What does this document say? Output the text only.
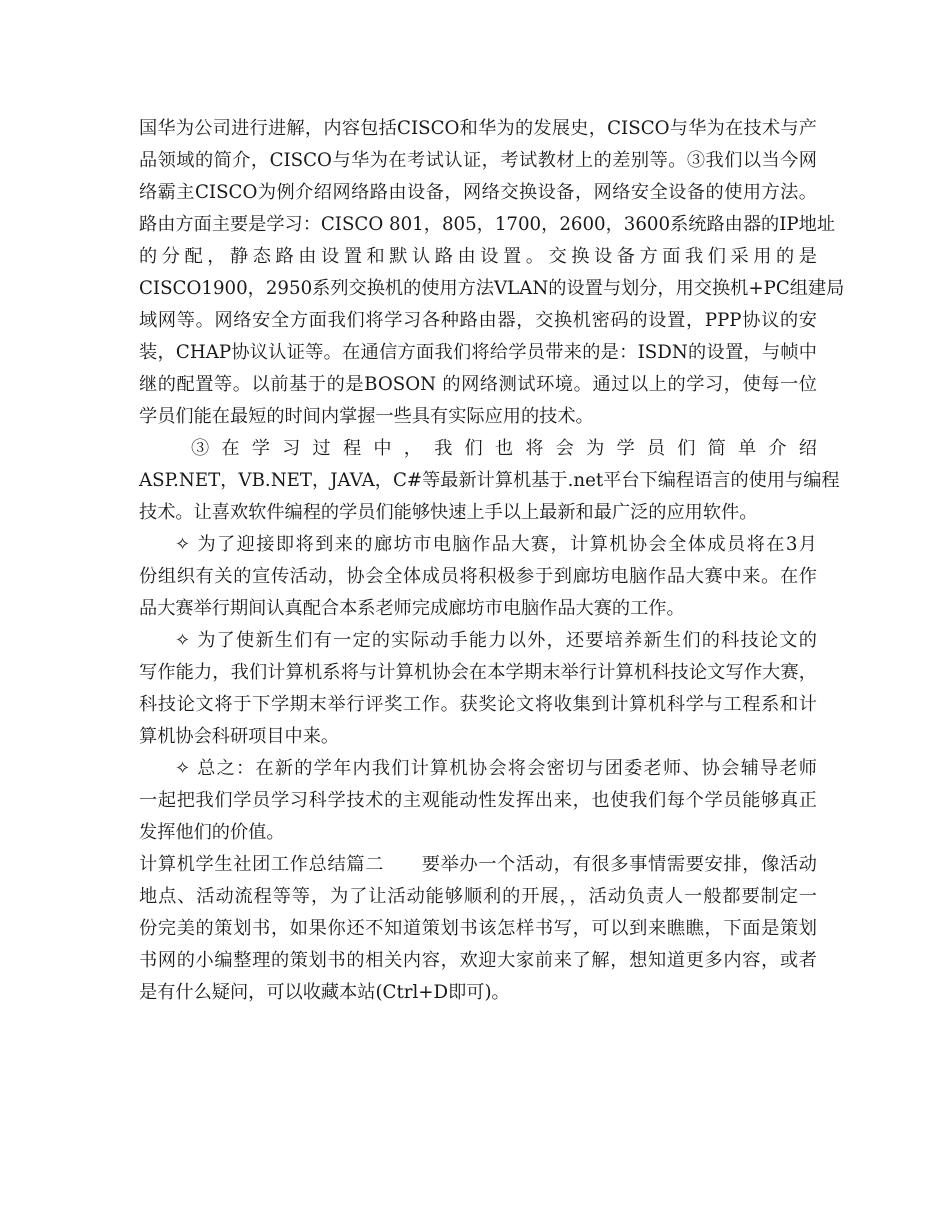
国华为公司进行进解，内容包括CISCO和华为的发展史，CISCO与华为在技术与产
品领域的简介，CISCO与华为在考试认证，考试教材上的差别等。③我们以当今网
络霸主CISCO为例介绍网络路由设备，网络交换设备，网络安全设备的使用方法。
路由方面主要是学习：CISCO 801，805，1700，2600，3600系统路由器的IP地址
的分配，静态路由设置和默认路由设置。交换设备方面我们采用的是
CISCO1900，2950系列交换机的使用方法VLAN的设置与划分，用交换机+PC组建局
域网等。网络安全方面我们将学习各种路由器，交换机密码的设置，PPP协议的安
装，CHAP协议认证等。在通信方面我们将给学员带来的是：ISDN的设置，与帧中
继的配置等。以前基于的是BOSON 的网络测试环境。通过以上的学习，使每一位
学员们能在最短的时间内掌握一些具有实际应用的技术。
③ 在 学 习 过 程 中 ， 我 们 也 将 会 为 学 员 们 简 单 介 绍
ASP.NET，VB.NET，JAVA，C#等最新计算机基于.net平台下编程语言的使用与编程
技术。让喜欢软件编程的学员们能够快速上手以上最新和最广泛的应用软件。
✧ 为了迎接即将到来的廊坊市电脑作品大赛，计算机协会全体成员将在3月
份组织有关的宣传活动，协会全体成员将积极参于到廊坊电脑作品大赛中来。在作
品大赛举行期间认真配合本系老师完成廊坊市电脑作品大赛的工作。
✧ 为了使新生们有一定的实际动手能力以外，还要培养新生们的科技论文的
写作能力，我们计算机系将与计算机协会在本学期末举行计算机科技论文写作大赛，
科技论文将于下学期末举行评奖工作。获奖论文将收集到计算机科学与工程系和计
算机协会科研项目中来。
✧ 总之：在新的学年内我们计算机协会将会密切与团委老师、协会辅导老师
一起把我们学员学习科学技术的主观能动性发挥出来，也使我们每个学员能够真正
发挥他们的价值。
计算机学生社团工作总结篇二　　要举办一个活动，有很多事情需要安排，像活动
地点、活动流程等等，为了让活动能够顺利的开展，，活动负责人一般都要制定一
份完美的策划书，如果你还不知道策划书该怎样书写，可以到来瞧瞧，下面是策划
书网的小编整理的策划书的相关内容，欢迎大家前来了解，想知道更多内容，或者
是有什么疑问，可以收藏本站(Ctrl+D即可)。
